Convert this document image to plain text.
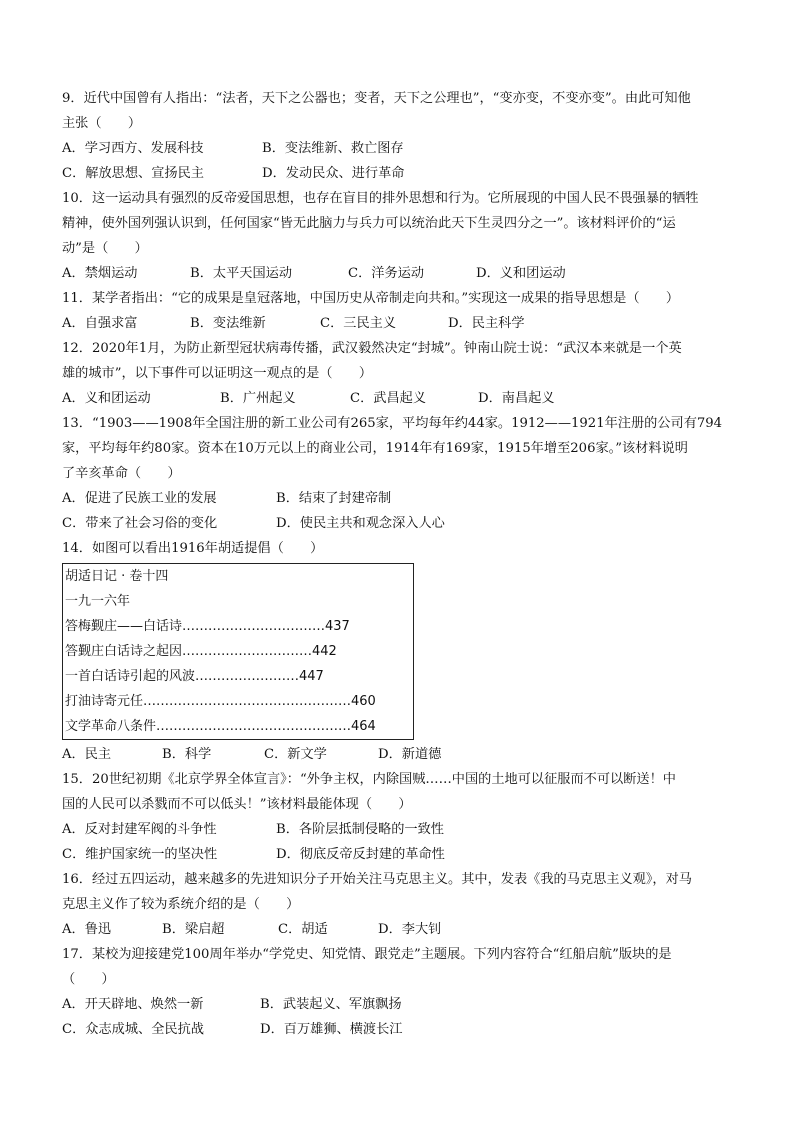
9．近代中国曾有人指出：“法者，天下之公器也；变者，天下之公理也”，“变亦变，不变亦变”。由此可知他

主张（　　）

A．学习西方、发展科技	B．变法维新、救亡图存
C．解放思想、宣扬民主	D．发动民众、进行革命

10．这一运动具有强烈的反帝爱国思想，也存在盲目的排外思想和行为。它所展现的中国人民不畏强暴的牺牲

精神，使外国列强认识到，任何国家“皆无此脑力与兵力可以统治此天下生灵四分之一”。该材料评价的“运

动”是（　　）

A．禁烟运动	B．太平天国运动	C．洋务运动	D．义和团运动

11．某学者指出：“它的成果是皇冠落地，中国历史从帝制走向共和。”实现这一成果的指导思想是（　　）

A．自强求富	B．变法维新	C．三民主义	D．民主科学

12．2020年1月，为防止新型冠状病毒传播，武汉毅然决定“封城”。钟南山院士说：“武汉本来就是一个英

雄的城市”，以下事件可以证明这一观点的是（　　）

A．义和团运动	B．广州起义	C．武昌起义	D．南昌起义

13．“1903——1908年全国注册的新工业公司有265家，平均每年约44家。1912——1921年注册的公司有794

家，平均每年约80家。资本在10万元以上的商业公司，1914年有169家，1915年增至206家。”该材料说明

了辛亥革命（　　）

A．促进了民族工业的发展	B．结束了封建帝制
C．带来了社会习俗的变化	D．使民主共和观念深入人心

14．如图可以看出1916年胡适提倡（　　）

胡适日记 · 卷十四
一九一六年
答梅觐庄——白话诗……………………………437
答觐庄白话诗之起因…………………………442
一首白话诗引起的风波……………………447
打油诗寄元任…………………………………………460
文学革命八条件………………………………………464
A．民主	B．科学	C．新文学	D．新道德

15．20世纪初期《北京学界全体宣言》：“外争主权，内除国贼……中国的土地可以征服而不可以断送！中

国的人民可以杀戮而不可以低头！”该材料最能体现（　　）

A．反对封建军阀的斗争性	B．各阶层抵制侵略的一致性
C．维护国家统一的坚决性	D．彻底反帝反封建的革命性

16．经过五四运动，越来越多的先进知识分子开始关注马克思主义。其中，发表《我的马克思主义观》，对马

克思主义作了较为系统介绍的是（　　）

A．鲁迅	B．梁启超	C．胡适	D．李大钊

17．某校为迎接建党100周年举办“学党史、知党情、跟党走”主题展。下列内容符合“红船启航”版块的是

（　　）

A．开天辟地、焕然一新	B．武装起义、军旗飘扬
C．众志成城、全民抗战	D．百万雄狮、横渡长江
